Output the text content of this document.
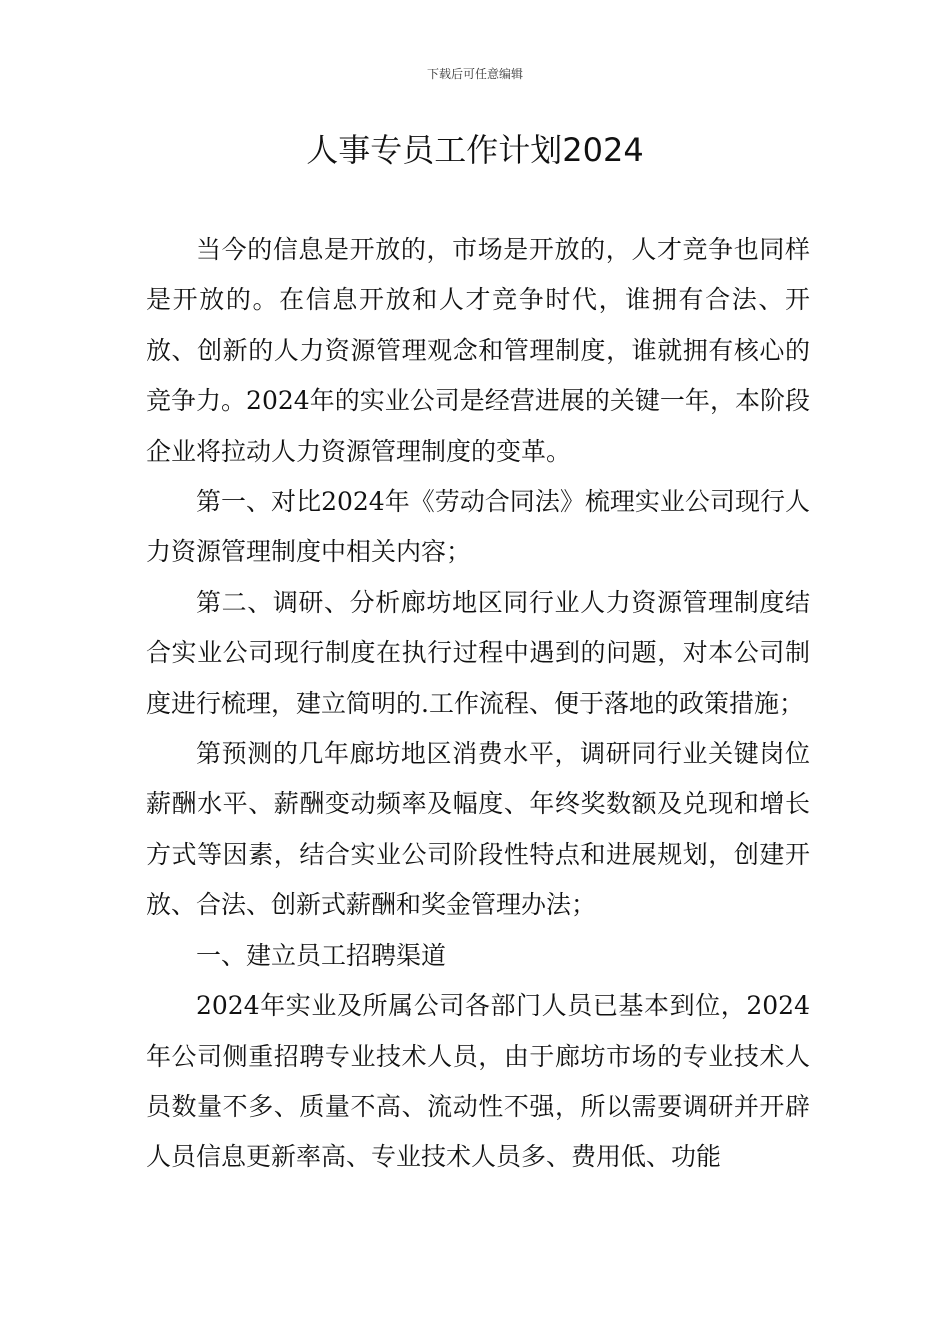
下载后可任意编辑
人事专员工作计划2024

当今的信息是开放的，市场是开放的，人才竞争也同样是开放的。在信息开放和人才竞争时代，谁拥有合法、开放、创新的人力资源管理观念和管理制度，谁就拥有核心的竞争力。2024年的实业公司是经营进展的关键一年，本阶段企业将拉动人力资源管理制度的变革。

第一、对比2024年《劳动合同法》梳理实业公司现行人力资源管理制度中相关内容；

第二、调研、分析廊坊地区同行业人力资源管理制度结合实业公司现行制度在执行过程中遇到的问题，对本公司制度进行梳理，建立简明的.工作流程、便于落地的政策措施；

第预测的几年廊坊地区消费水平，调研同行业关键岗位薪酬水平、薪酬变动频率及幅度、年终奖数额及兑现和增长方式等因素，结合实业公司阶段性特点和进展规划，创建开放、合法、创新式薪酬和奖金管理办法；

一、建立员工招聘渠道

2024年实业及所属公司各部门人员已基本到位，2024年公司侧重招聘专业技术人员，由于廊坊市场的专业技术人员数量不多、质量不高、流动性不强，所以需要调研并开辟人员信息更新率高、专业技术人员多、费用低、功能
